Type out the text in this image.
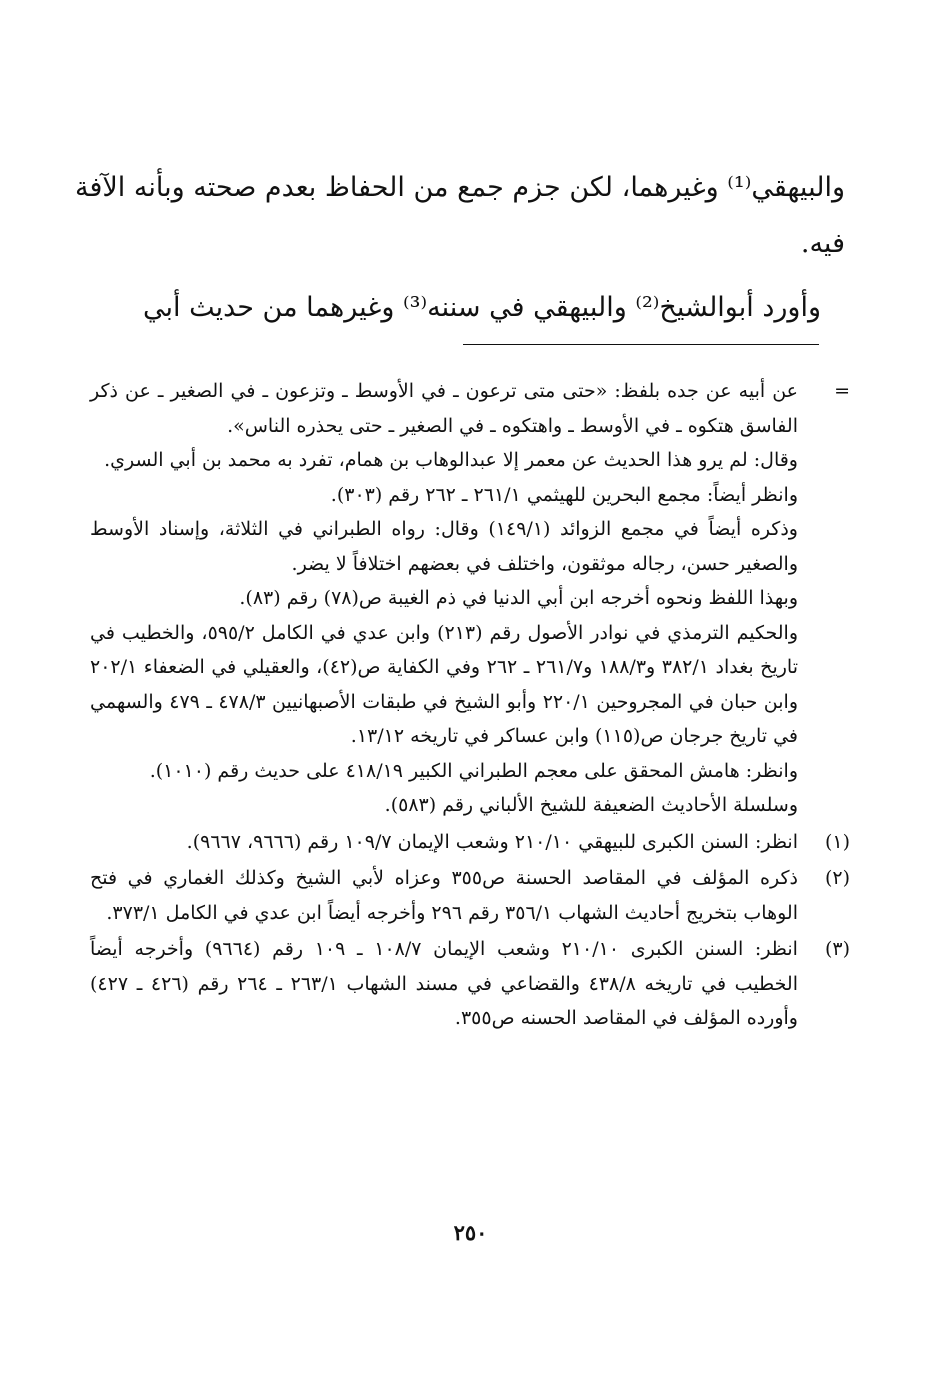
والبيهقي⁽¹⁾ وغيرهما، لكن جزم جمع من الحفاظ بعدم صحته وبأنه الآفة فيه.

وأورد أبوالشيخ⁽²⁾ والبيهقي في سننه⁽³⁾ وغيرهما من حديث أبي

=

عن أبيه عن جده بلفظ: «حتى متى ترعون ـ في الأوسط ـ وتزعون ـ في الصغير ـ عن ذكر الفاسق هتكوه ـ في الأوسط ـ واهتكوه ـ في الصغير ـ حتى يحذره الناس».

وقال: لم يرو هذا الحديث عن معمر إلا عبدالوهاب بن همام، تفرد به محمد بن أبي السري.

وانظر أيضاً: مجمع البحرين للهيثمي ٢٦١/١ ـ ٢٦٢ رقم (٣٠٣).

وذكره أيضاً في مجمع الزوائد (١٤٩/١) وقال: رواه الطبراني في الثلاثة، وإسناد الأوسط والصغير حسن، رجاله موثقون، واختلف في بعضهم اختلافاً لا يضر.

وبهذا اللفظ ونحوه أخرجه ابن أبي الدنيا في ذم الغيبة ص(٧٨) رقم (٨٣).

والحكيم الترمذي في نوادر الأصول رقم (٢١٣) وابن عدي في الكامل ٥٩٥/٢، والخطيب في تاريخ بغداد ٣٨٢/١ و١٨٨/٣ و٢٦١/٧ ـ ٢٦٢ وفي الكفاية ص(٤٢)، والعقيلي في الضعفاء ٢٠٢/١ وابن حبان في المجروحين ٢٢٠/١ وأبو الشيخ في طبقات الأصبهانيين ٤٧٨/٣ ـ ٤٧٩ والسهمي في تاريخ جرجان ص(١١٥) وابن عساكر في تاريخه ١٣/١٢.

وانظر: هامش المحقق على معجم الطبراني الكبير ٤١٨/١٩ على حديث رقم (١٠١٠).

وسلسلة الأحاديث الضعيفة للشيخ الألباني رقم (٥٨٣).

(١)
انظر: السنن الكبرى للبيهقي ٢١٠/١٠ وشعب الإيمان ١٠٩/٧ رقم (٩٦٦٦، ٩٦٦٧).
(٢)
ذكره المؤلف في المقاصد الحسنة ص٣٥٥ وعزاه لأبي الشيخ وكذلك الغماري في فتح الوهاب بتخريج أحاديث الشهاب ٣٥٦/١ رقم ٢٩٦ وأخرجه أيضاً ابن عدي في الكامل ٣٧٣/١.
(٣)
انظر: السنن الكبرى ٢١٠/١٠ وشعب الإيمان ١٠٨/٧ ـ ١٠٩ رقم (٩٦٦٤) وأخرجه أيضاً الخطيب في تاريخه ٤٣٨/٨ والقضاعي في مسند الشهاب ٢٦٣/١ ـ ٢٦٤ رقم (٤٢٦ ـ ٤٢٧) وأورده المؤلف في المقاصد الحسنه ص٣٥٥.
٢٥٠
